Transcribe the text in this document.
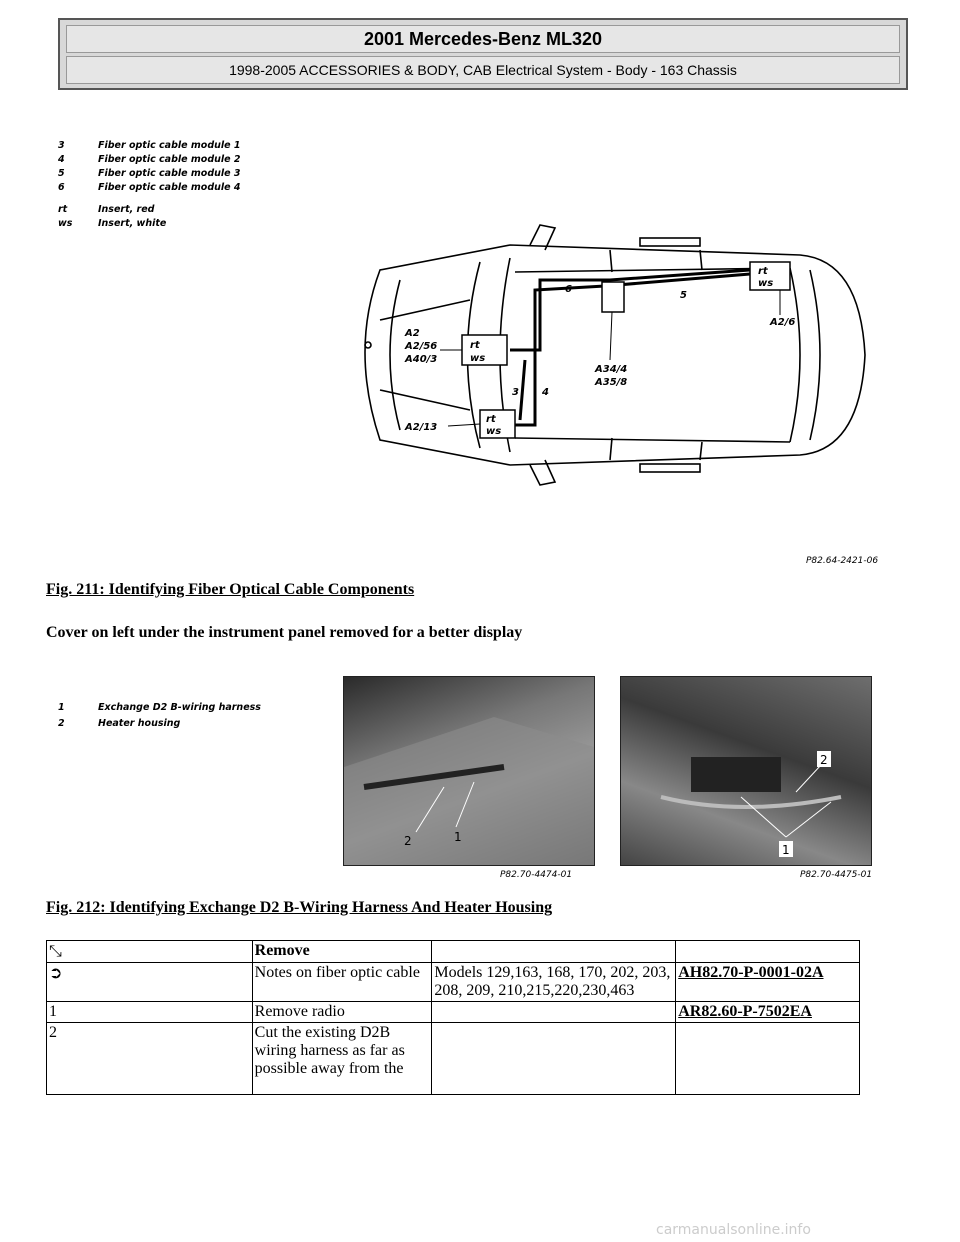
2001 Mercedes-Benz ML320
1998-2005 ACCESSORIES & BODY, CAB Electrical System - Body - 163 Chassis
3	Fiber optic cable module 1
4	Fiber optic cable module 2
5	Fiber optic cable module 3
6	Fiber optic cable module 4
rt	Insert, red
ws	Insert, white
rt
ws
rt
ws
rt
ws
A2
A2/56
A40/3
A2/13
A2/6
A34/4
A35/8
3 4
5
6
P82.64-2421-06
Fig. 211: Identifying Fiber Optical Cable Components
Cover on left under the instrument panel removed for a better display
1	Exchange D2 B-wiring harness
2	Heater housing
2	1
2
1
P82.70-4474-01	P82.70-4475-01
Fig. 212: Identifying Exchange D2 B-Wiring Harness And Heater Housing
⤡	Remove		
➲	Notes on fiber optic cable	Models 129,163, 168, 170, 202, 203, 208, 209, 210,215,220,230,463	AH82.70-P-0001-02A
1	Remove radio		AR82.60-P-7502EA
2	Cut the existing D2B wiring harness as far as possible away from the		
carmanualsonline.info
